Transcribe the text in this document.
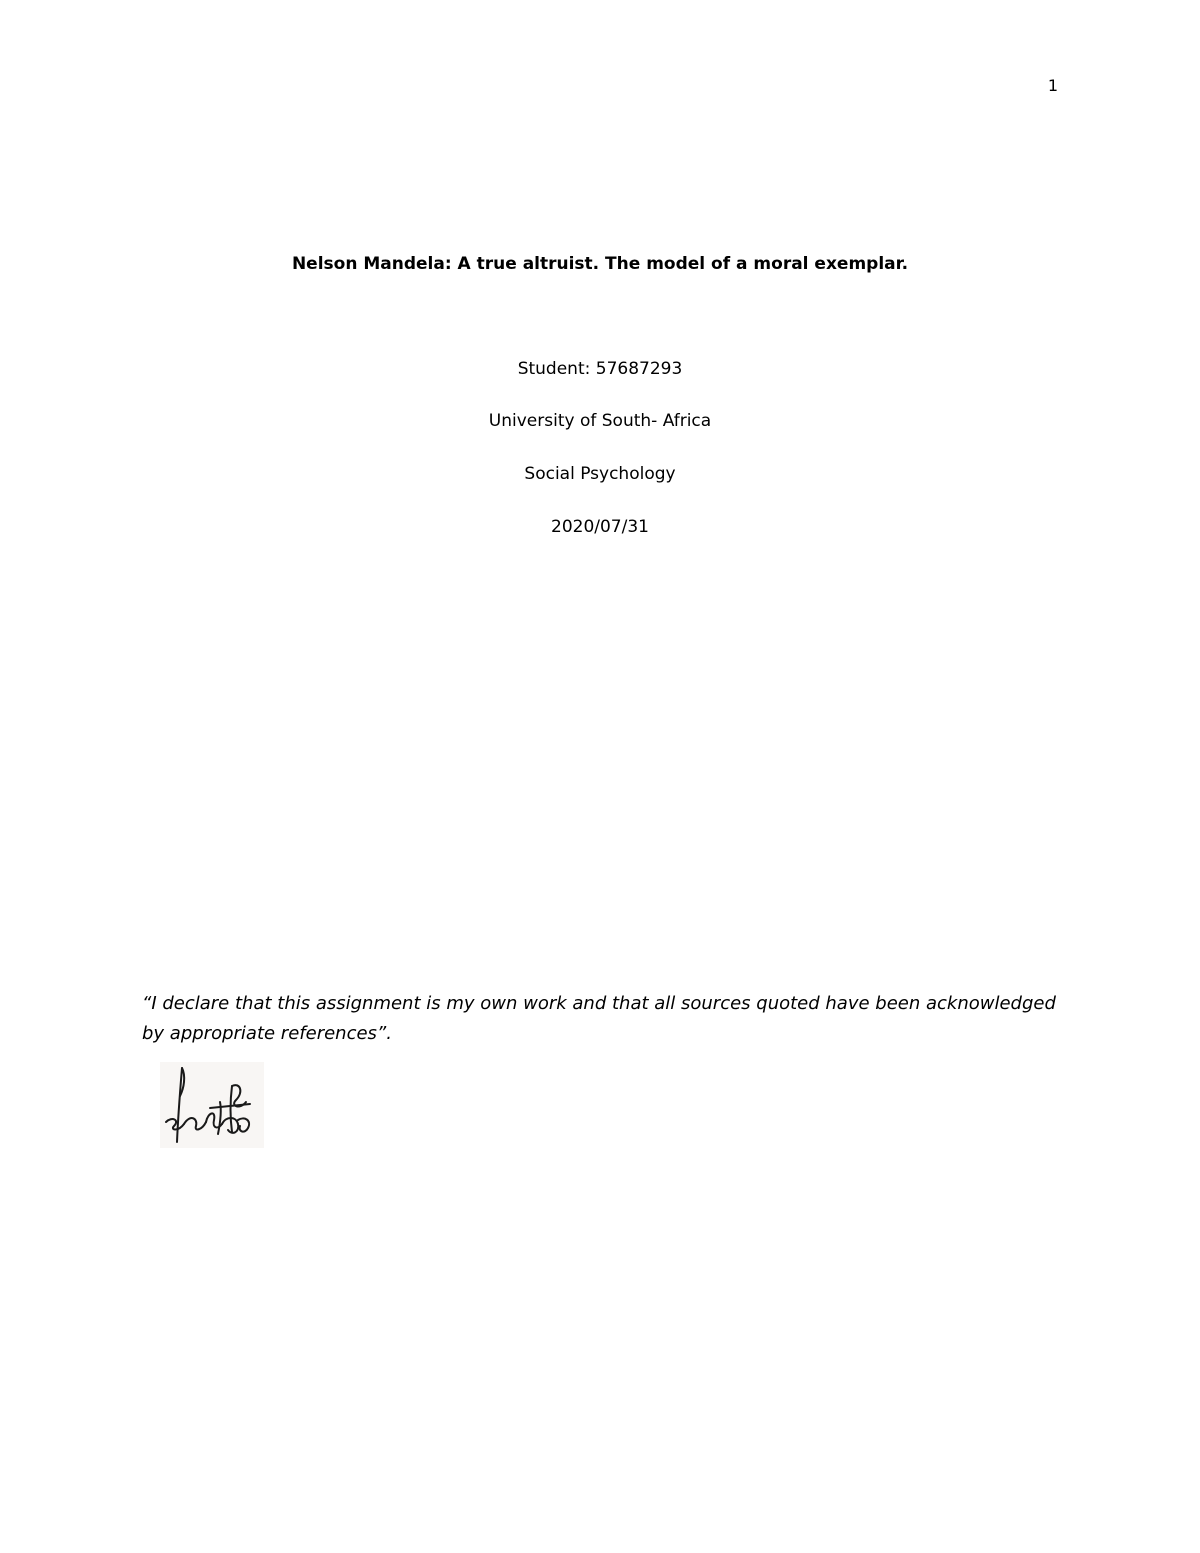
1
Nelson Mandela: A true altruist. The model of a moral exemplar.
Student: 57687293
University of South- Africa
Social Psychology
2020/07/31
“I declare that this assignment is my own work and that all sources quoted have been acknowledged by appropriate references”.
